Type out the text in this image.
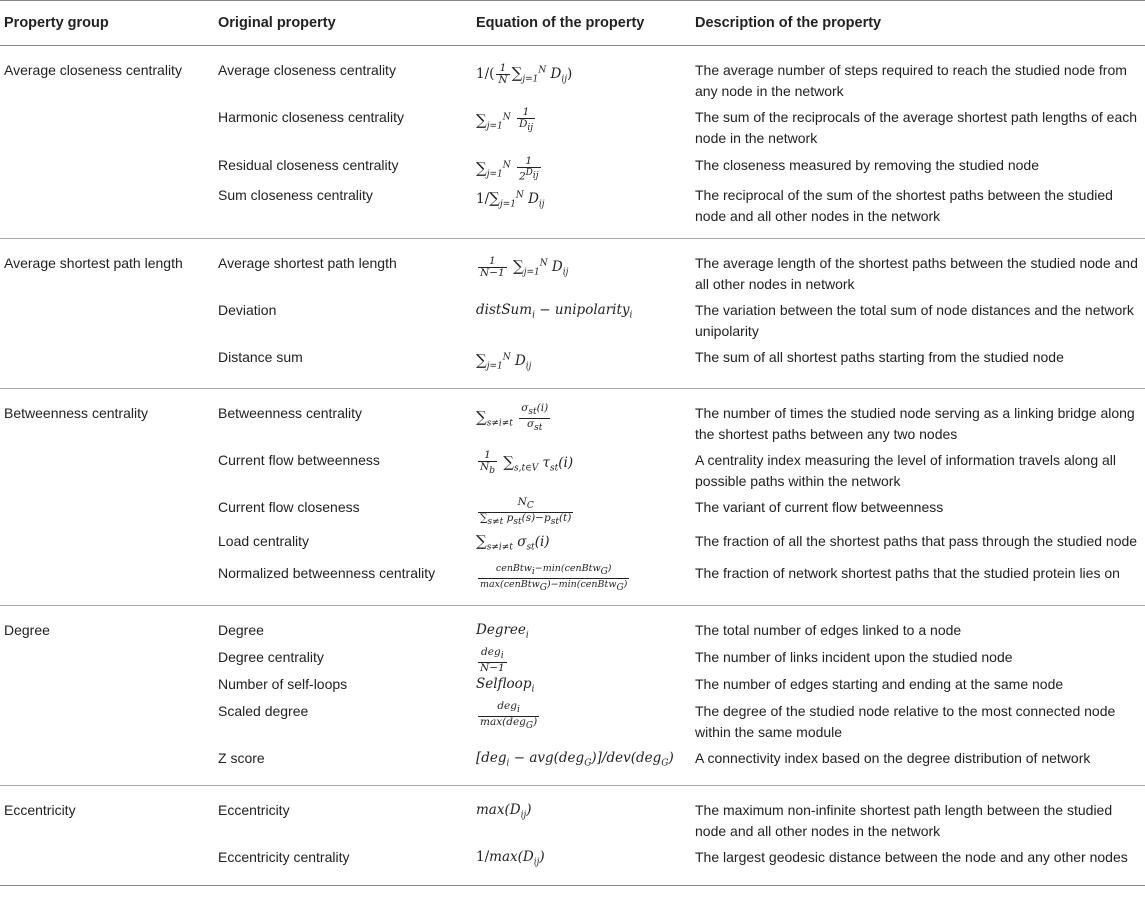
Property group	Original property	Equation of the property	Description of the property
Average closeness centrality	Average closeness centrality	$1/( \frac{1}{N} \sum_{j=1}^N$ $D_{ij}$)	The average number of steps required to reach the studied node from any node in the network
	Harmonic closeness centrality	$\sum_{j=1}^N \frac{1}{D_{ij}}$	The sum of the reciprocals of the average shortest path lengths of each node in the network
	Residual closeness centrality	$\sum_{j=1}^N \frac{1}{2^{D_{ij}}}$	The closeness measured by removing the studied node
	Sum closeness centrality	$1/\sum_{j=1}^N$ $D_{ij}$	The reciprocal of the sum of the shortest paths between the studied node and all other nodes in the network
Average shortest path length	Average shortest path length	$\frac{1}{N-1} \sum_{j=1}^N$ $D_{ij}$	The average length of the shortest paths between the studied node and all other nodes in network
	Deviation	distSum$_i$ − unipolarity$_i$	The variation between the total sum of node distances and the network unipolarity
	Distance sum	$\sum_{j=1}^N$ $D_{ij}$	The sum of all shortest paths starting from the studied node
Betweenness centrality	Betweenness centrality	$\sum_{s\ne i\ne t} \frac{\sigma_{st}(i)}{\sigma_{st}}$	The number of times the studied node serving as a linking bridge along the shortest paths between any two nodes
	Current flow betweenness	$\frac{1}{N_b} \sum_{s,t\in V}$ $\tau_{st}(i)$	A centrality index measuring the level of information travels along all possible paths within the network
	Current flow closeness	$\frac{N_C}{\sum_{s\ne t} p_{st}(s)-p_{st}(t)}$	The variant of current flow betweenness
	Load centrality	$\sum_{s\ne i\ne t}$ $\sigma_{st}(i)$	The fraction of all the shortest paths that pass through the studied node
	Normalized betweenness centrality	$\frac{cenBtw_i-\min(cenBtw_G)}{\max(cenBtw_G)-\min(cenBtw_G)}$	The fraction of network shortest paths that the studied protein lies on
Degree	Degree	Degree$_i$	The total number of edges linked to a node
	Degree centrality	$\frac{deg_i}{N-1}$	The number of links incident upon the studied node
	Number of self-loops	Selfloop$_i$	The number of edges starting and ending at the same node
	Scaled degree	$\frac{deg_i}{\max(deg_G)}$	The degree of the studied node relative to the most connected node within the same module
	Z score	[deg$_i$ − avg(deg$_G$)]/dev(deg$_G$)	A connectivity index based on the degree distribution of network
Eccentricity	Eccentricity	$\max(D_{ij})$	The maximum non-infinite shortest path length between the studied node and all other nodes in the network
	Eccentricity centrality	$1/\max(D_{ij})$	The largest geodesic distance between the node and any other nodes
